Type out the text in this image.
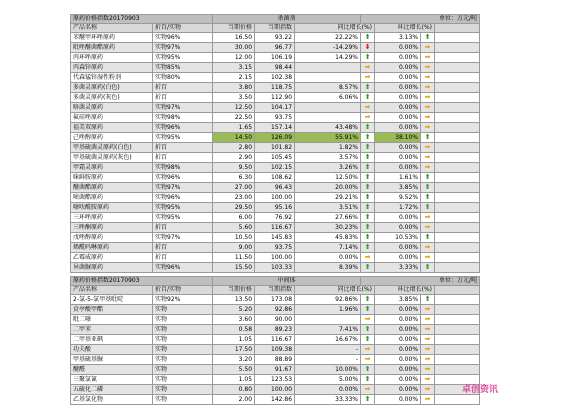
原药价格指数20170903		杀菌剂			单位：万元/吨			
产品名称	折百/实物	当期价格	当期指数	同比增长(%)		环比增长(%)		
苯醚甲环唑原药	实物96%	16.50	93.22	22.22%	⬆	3.13%	⬆	
吡唑醚菌酯原药	实物97%	30.00	96.77	-14.29%	⬇	0.00%	➡	
丙环唑原药	实物95%	12.00	106.19	14.29%	⬆	0.00%	➡	
丙森锌原药	实物85%	3.15	98.44		➡	0.00%	➡	
代森锰锌湿性粉剂	实物80%	2.15	102.38		➡	0.00%	➡	
多菌灵原药(白色)	折百	3.80	118.75	8.57%	⬆	0.00%	➡	
多菌灵原药(灰色)	折百	3.50	112.90	6.06%	⬆	0.00%	➡	
咯菌灵原药	实物97%	12.50	104.17		➡	0.00%	➡	
氟硅唑原药	实物98%	22.50	93.75		➡	0.00%	➡	
福美双原药	实物96%	1.65	157.14	43.48%	⬆	0.00%	➡	
己唑醇原药	实物95%	14.50	126.09	55.91%	⬆	38.10%	⬆	
甲基硫菌灵原药(白色)	折百	2.80	101.82	1.82%	⬆	0.00%	➡	
甲基硫菌灵原药(灰色)	折百	2.90	105.45	3.57%	⬆	0.00%	➡	
甲霜灵原药	实物98%	9.50	102.15	3.26%	⬆	0.00%	➡	
咪鲜胺原药	实物96%	6.30	108.62	12.50%	⬆	1.61%	⬆	
醚菌酯原药	实物97%	27.00	96.43	20.00%	⬆	3.85%	⬆	
嘧菌酯原药	实物96%	23.00	100.00	29.21%	⬆	9.52%	⬆	
噻呋酰胺原药	实物95%	29.50	95.16	3.51%	⬆	1.72%	⬆	
三环唑原药	实物95%	6.00	76.92	27.66%	⬆	0.00%	➡	
三唑酮原药	折百	5.60	116.67	30.23%	⬆	0.00%	➡	
戊唑醇原药	实物97%	10.50	145.83	45.83%	⬆	10.53%	⬆	
烯酰吗啉原药	折百	9.00	93.75	7.14%	⬆	0.00%	➡	
乙霉威原药	折百	11.50	100.00	0.00%	➡	0.00%	➡	
异菌脲原药	实物96%	15.50	103.33	8.39%	⬆	3.33%	⬆	

原药价格指数20170903		中间体			单位：万元/吨			
产品名称	折百/实物	当期价格	当期指数	同比增长(%)		环比增长(%)		
2-氯-5-氯甲基吡啶	实物92%	13.50	173.08	92.86%	⬆	3.85%	⬆	
贲亭酸甲酯	实物	5.20	92.86	1.96%	⬆	0.00%	➡	
吡二噻	实物	3.60	90.00		➡	0.00%	➡	
二甲苯	实物	0.58	89.23	7.41%	⬆	0.00%	➡	
二甲基亚砜	实物	1.05	116.67	16.67%	⬆	0.00%	➡	
功夫酸	实物	17.50	109.38	-	➡	0.00%	➡	
甲基硫基脲	实物	3.20	88.89	-	➡	0.00%	➡	
醚醛	实物	5.50	91.67	10.00%	⬆	0.00%	➡	
三聚氯氰	实物	1.05	123.53	5.00%	⬆	0.00%	➡	
五硫化二磷	实物	0.80	100.00	0.00%	➡	0.00%	➡	
乙基氯化物	实物	2.00	142.86	33.33%	⬆	0.00%	➡	
卓创资讯
